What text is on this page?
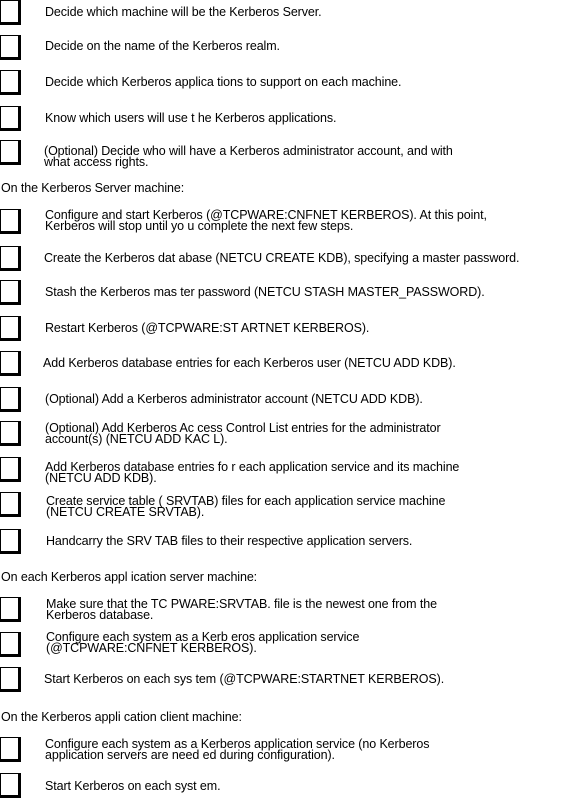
Decide which machine will be the Kerberos Server.
Decide on the name of the Kerberos realm.
Decide which Kerberos applica tions to support on each machine.
Know which users will use t he Kerberos applications.
(Optional) Decide who will have a Kerberos administrator account, and with
what access rights.
On the Kerberos Server machine:
Configure and start Kerberos (@TCPWARE:CNFNET KERBEROS). At this point,
Kerberos will stop until yo u complete the next few steps.
Create the Kerberos dat abase (NETCU CREATE KDB), specifying a master password.
Stash the Kerberos mas ter password (NETCU STASH MASTER_PASSWORD).
Restart Kerberos (@TCPWARE:ST ARTNET KERBEROS).
Add Kerberos database entries for each Kerberos user (NETCU ADD KDB).
(Optional) Add a Kerberos administrator account (NETCU ADD KDB).
(Optional) Add Kerberos Ac cess Control List entries for the administrator
account(s) (NETCU ADD KAC L).
Add Kerberos database entries fo r each application service and its machine
(NETCU ADD KDB).
Create service table ( SRVTAB) files for each application service machine
(NETCU CREATE SRVTAB).
Handcarry the SRV TAB files to their respective application servers.
On each Kerberos appl ication server machine:
Make sure that the TC PWARE:SRVTAB. file is the newest one from the
Kerberos database.
Configure each system as a Kerb eros application service
(@TCPWARE:CNFNET KERBEROS).
Start Kerberos on each sys tem (@TCPWARE:STARTNET KERBEROS).
On the Kerberos appli cation client machine:
Configure each system as a Kerberos application service (no Kerberos
application servers are need ed during configuration).
Start Kerberos on each syst em.
